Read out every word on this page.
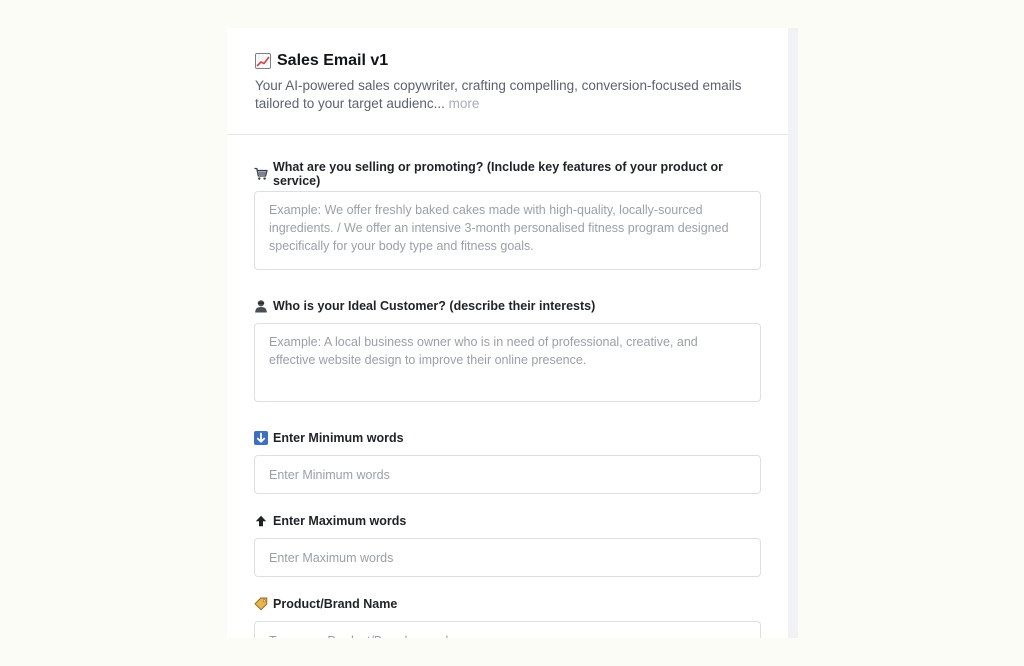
Sales Email v1
Your AI-powered sales copywriter, crafting compelling, conversion-focused emails tailored to your target audienc... more
What are you selling or promoting? (Include key features of your product or service)
Example: We offer freshly baked cakes made with high-quality, locally-sourced ingredients. / We offer an intensive 3-month personalised fitness program designed specifically for your body type and fitness goals.
Who is your Ideal Customer? (describe their interests)
Example: A local business owner who is in need of professional, creative, and effective website design to improve their online presence.
Enter Minimum words
Enter Minimum words
Enter Maximum words
Enter Maximum words
Product/Brand Name
Type your Product/Brand name here
